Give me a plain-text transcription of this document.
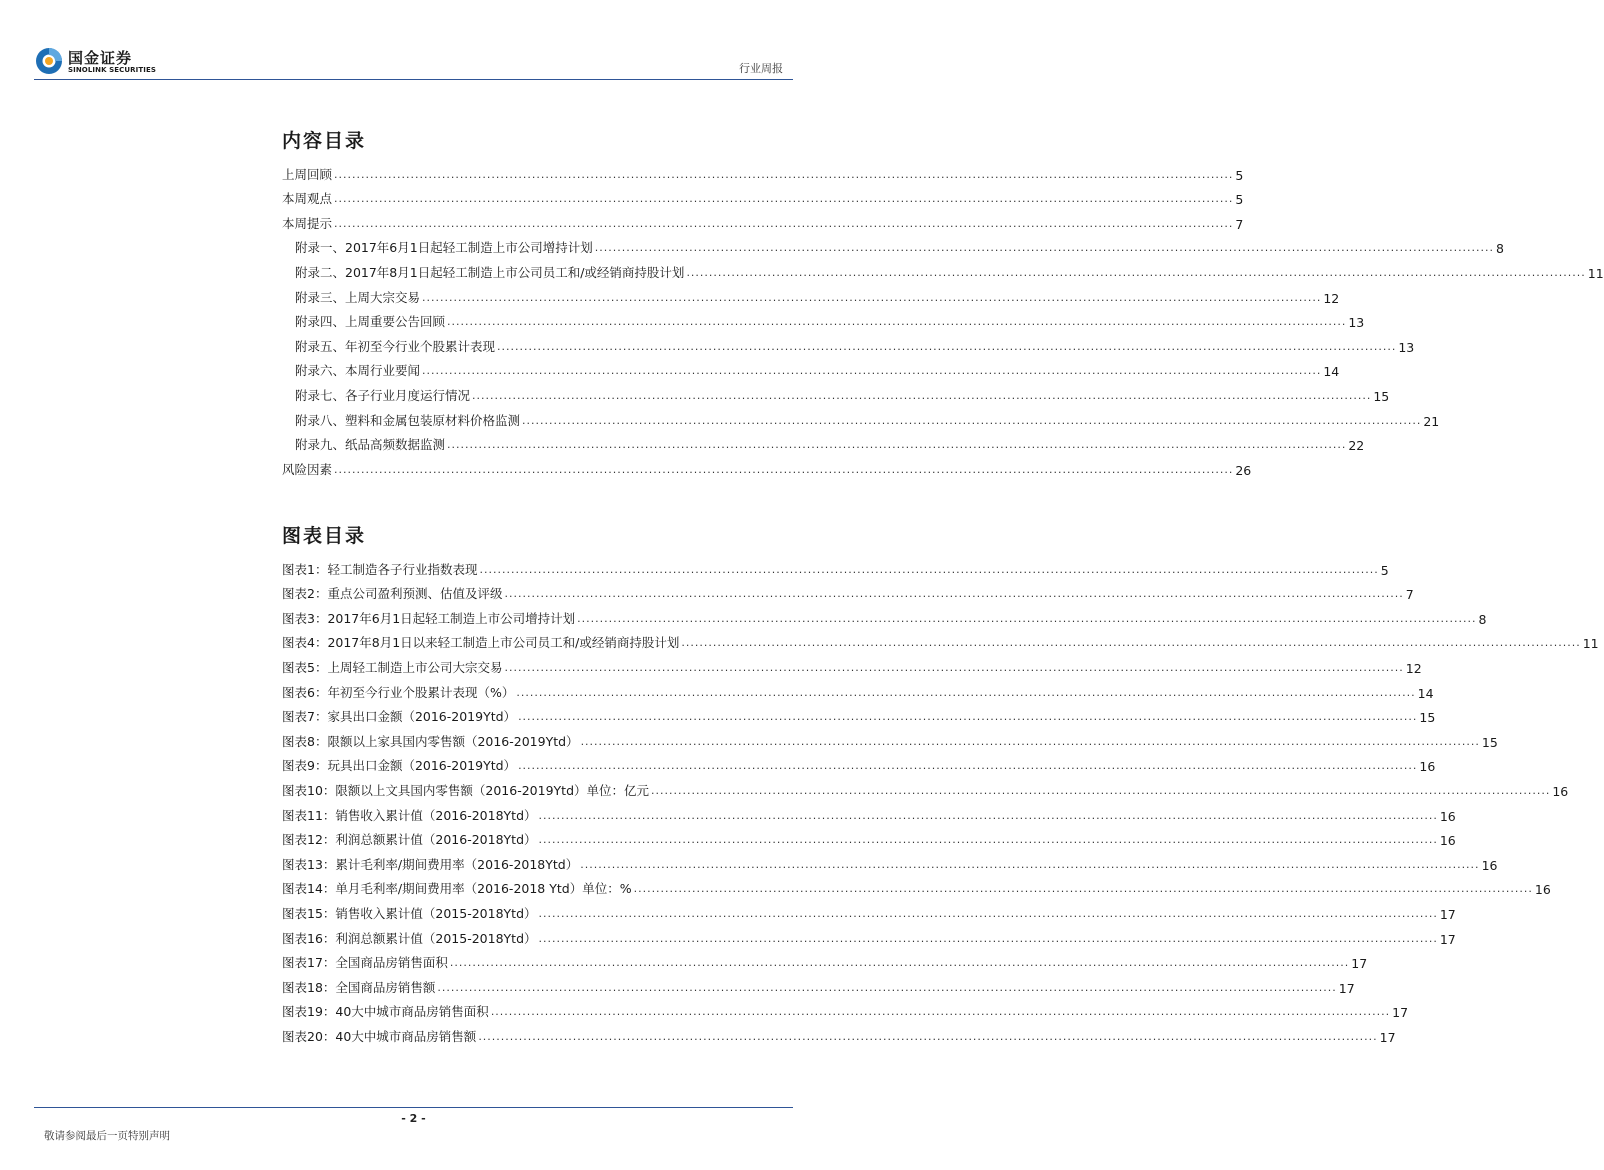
国金证券
SINOLINK SECURITIES	行业周报
内容目录
上周回顾 ........................................................................................................................................................................................................ 5
本周观点 ........................................................................................................................................................................................................ 5
本周提示 ........................................................................................................................................................................................................ 7
附录一、2017年6月1日起轻工制造上市公司增持计划 ........................................................................................................................................................................................................ 8
附录二、2017年8月1日起轻工制造上市公司员工和/或经销商持股计划 ........................................................................................................................................................................................................ 11
附录三、上周大宗交易 ........................................................................................................................................................................................................ 12
附录四、上周重要公告回顾 ........................................................................................................................................................................................................ 13
附录五、年初至今行业个股累计表现 ........................................................................................................................................................................................................ 13
附录六、本周行业要闻 ........................................................................................................................................................................................................ 14
附录七、各子行业月度运行情况 ........................................................................................................................................................................................................ 15
附录八、塑料和金属包装原材料价格监测 ........................................................................................................................................................................................................ 21
附录九、纸品高频数据监测 ........................................................................................................................................................................................................ 22
风险因素 ........................................................................................................................................................................................................ 26
图表目录
图表1：轻工制造各子行业指数表现 ........................................................................................................................................................................................................ 5
图表2：重点公司盈利预测、估值及评级 ........................................................................................................................................................................................................ 7
图表3：2017年6月1日起轻工制造上市公司增持计划 ........................................................................................................................................................................................................ 8
图表4：2017年8月1日以来轻工制造上市公司员工和/或经销商持股计划 ........................................................................................................................................................................................................ 11
图表5：上周轻工制造上市公司大宗交易 ........................................................................................................................................................................................................ 12
图表6：年初至今行业个股累计表现（%） ........................................................................................................................................................................................................ 14
图表7：家具出口金额（2016-2019Ytd） ........................................................................................................................................................................................................ 15
图表8：限额以上家具国内零售额（2016-2019Ytd） ........................................................................................................................................................................................................ 15
图表9：玩具出口金额（2016-2019Ytd） ........................................................................................................................................................................................................ 16
图表10：限额以上文具国内零售额（2016-2019Ytd）单位：亿元 ........................................................................................................................................................................................................ 16
图表11：销售收入累计值（2016-2018Ytd） ........................................................................................................................................................................................................ 16
图表12：利润总额累计值（2016-2018Ytd） ........................................................................................................................................................................................................ 16
图表13：累计毛利率/期间费用率（2016-2018Ytd） ........................................................................................................................................................................................................ 16
图表14：单月毛利率/期间费用率（2016-2018 Ytd）单位：% ........................................................................................................................................................................................................ 16
图表15：销售收入累计值（2015-2018Ytd） ........................................................................................................................................................................................................ 17
图表16：利润总额累计值（2015-2018Ytd） ........................................................................................................................................................................................................ 17
图表17：全国商品房销售面积 ........................................................................................................................................................................................................ 17
图表18：全国商品房销售额 ........................................................................................................................................................................................................ 17
图表19：40大中城市商品房销售面积 ........................................................................................................................................................................................................ 17
图表20：40大中城市商品房销售额 ........................................................................................................................................................................................................ 17
- 2 -
敬请参阅最后一页特别声明
